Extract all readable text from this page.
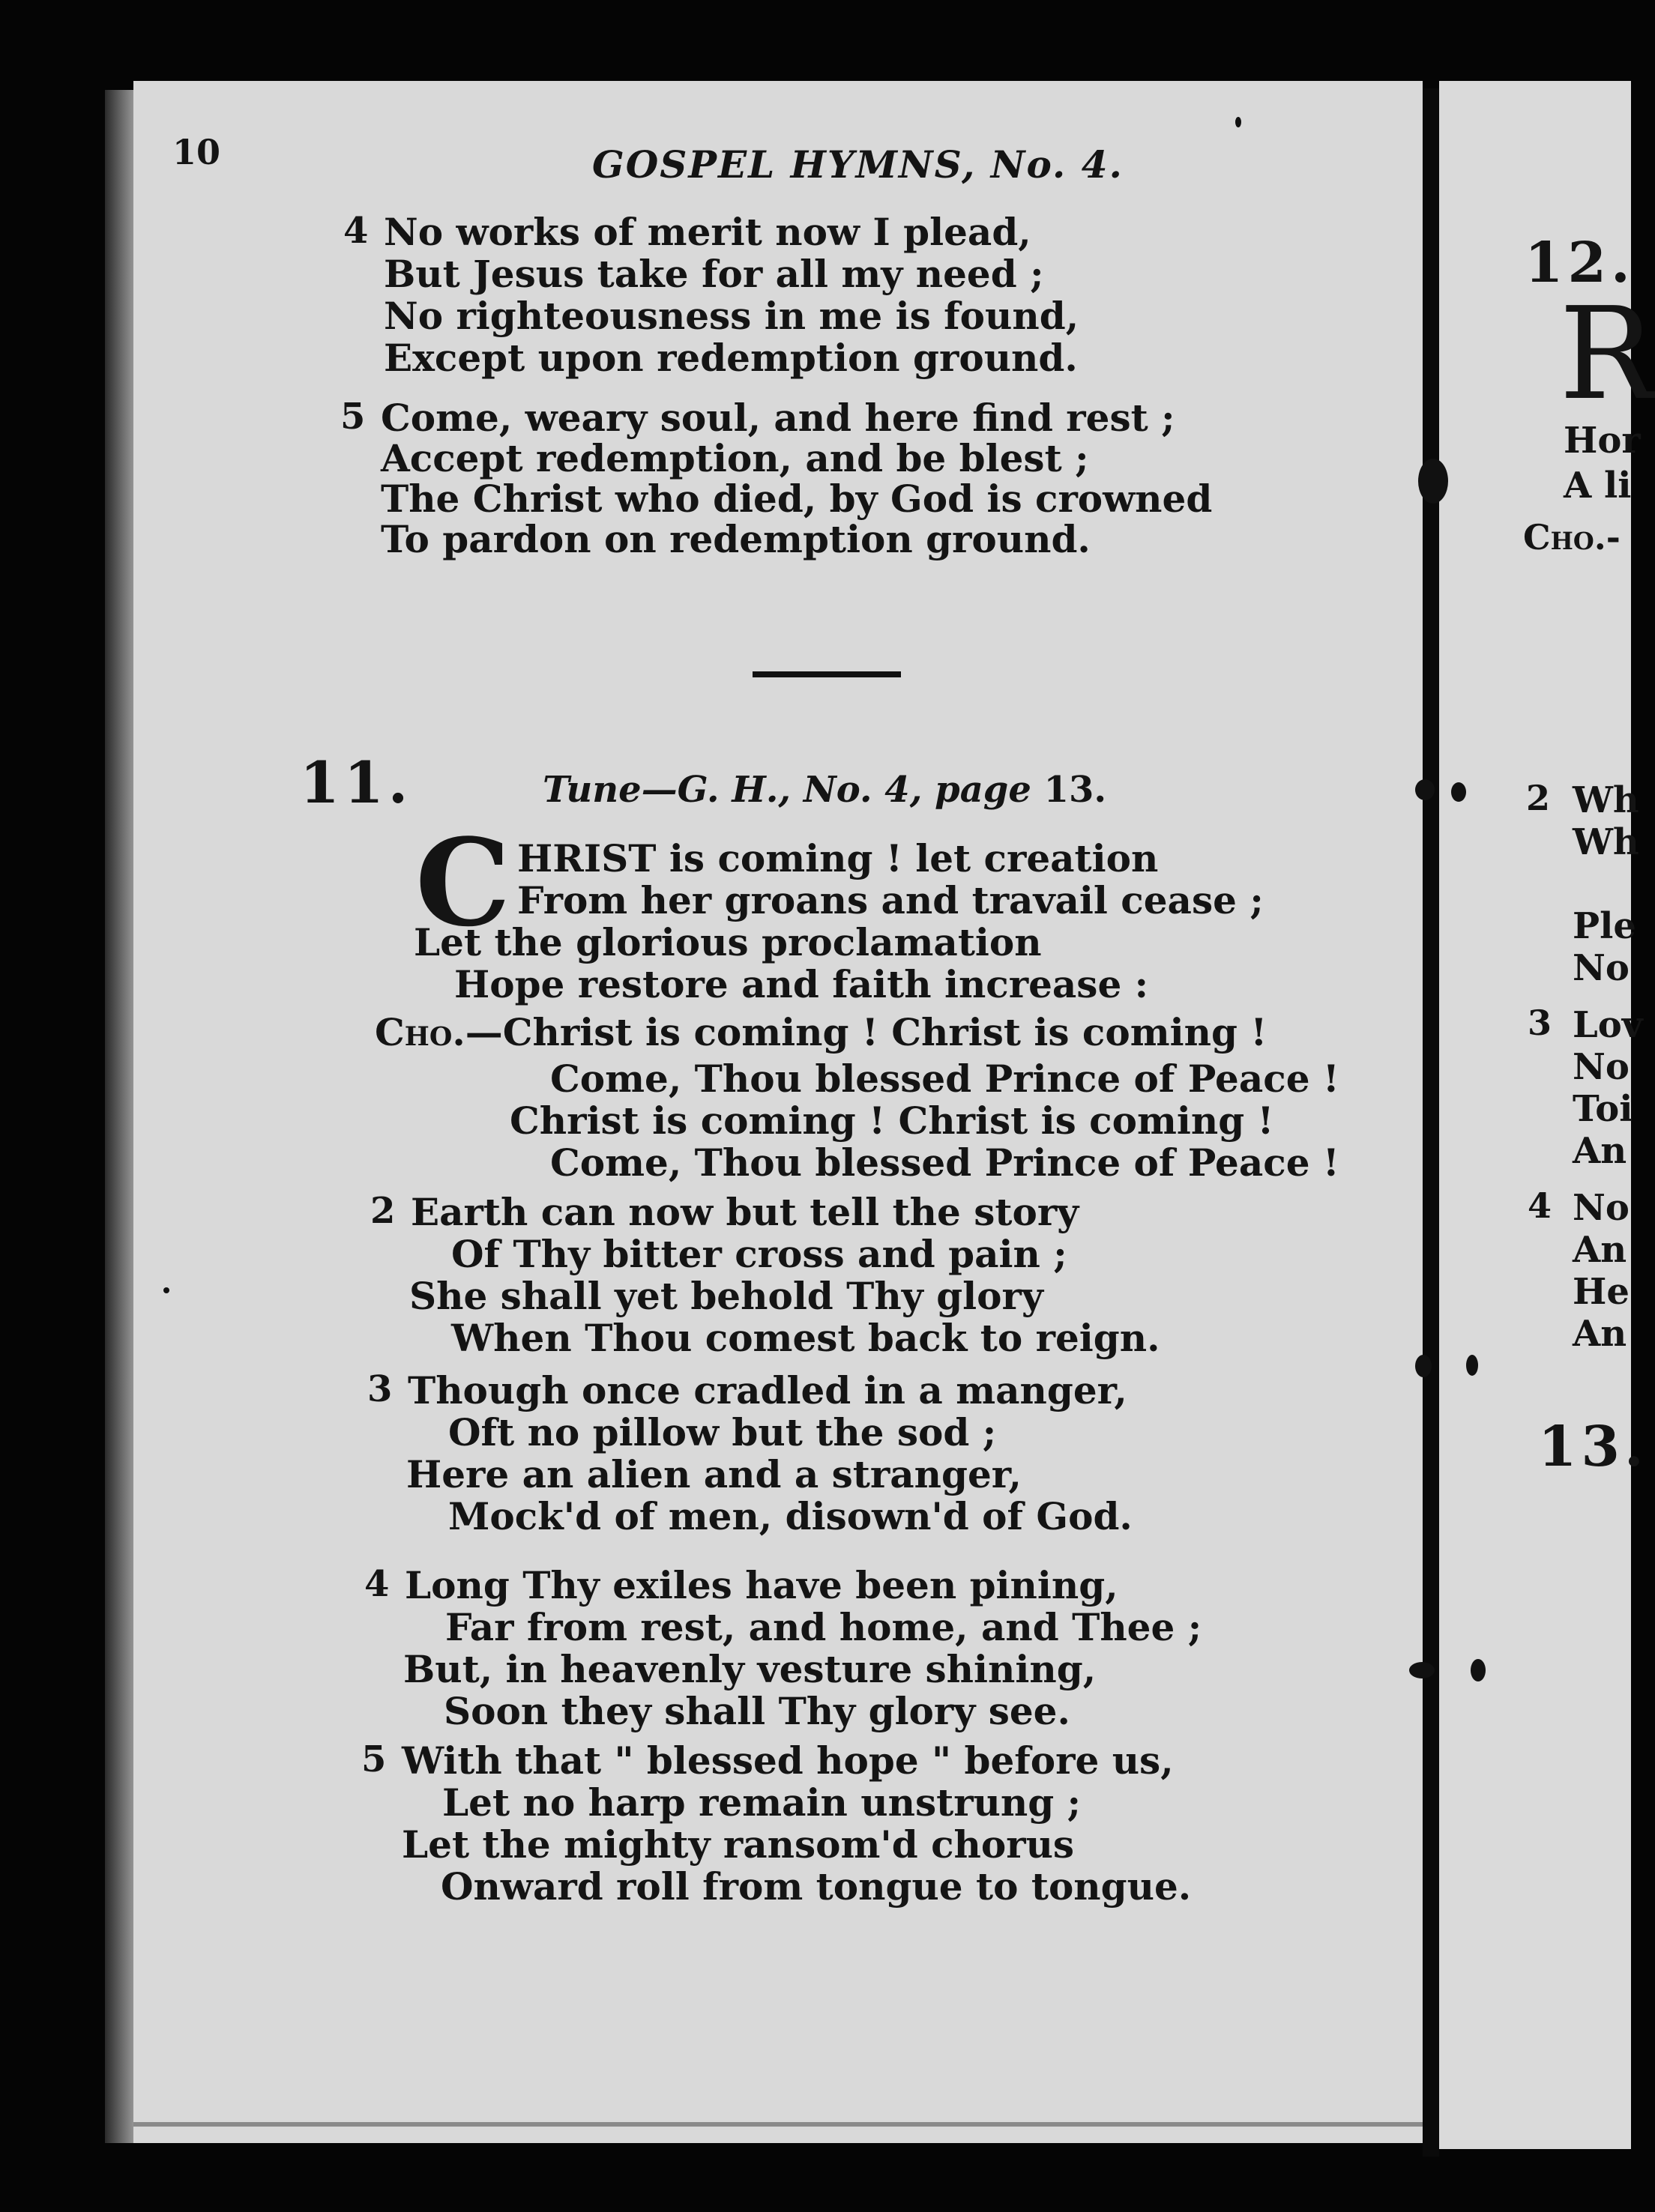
10	GOSPEL HYMNS, No. 4.
4 No works of merit now I plead,
But Jesus take for all my need ;
No righteousness in me is found,
Except upon redemption ground.
5 Come, weary soul, and here find rest ;
Accept redemption, and be blest ;
The Christ who died, by God is crowned
To pardon on redemption ground.
11.	Tune—G. H., No. 4, page 13.
C HRIST is coming ! let creation
From her groans and travail cease ;
Let the glorious proclamation
Hope restore and faith increase :
Cho.—Christ is coming ! Christ is coming !
Come, Thou blessed Prince of Peace !
Christ is coming ! Christ is coming !
Come, Thou blessed Prince of Peace !
2 Earth can now but tell the story
Of Thy bitter cross and pain ;
She shall yet behold Thy glory
When Thou comest back to reign.
3 Though once cradled in a manger,
Oft no pillow but the sod ;
Here an alien and a stranger,
Mock'd of men, disown'd of God.
4 Long Thy exiles have been pining,
Far from rest, and home, and Thee ;
But, in heavenly vesture shining,
Soon they shall Thy glory see.
5 With that " blessed hope " before us,
Let no harp remain unstrung ;
Let the mighty ransom'd chorus
Onward roll from tongue to tongue.
12.
R
Hor
A li
Cho.-
2 Wh
Wh
Ple
No
3 Lov
No
Toi
An
4 No
An
He
An
13.
